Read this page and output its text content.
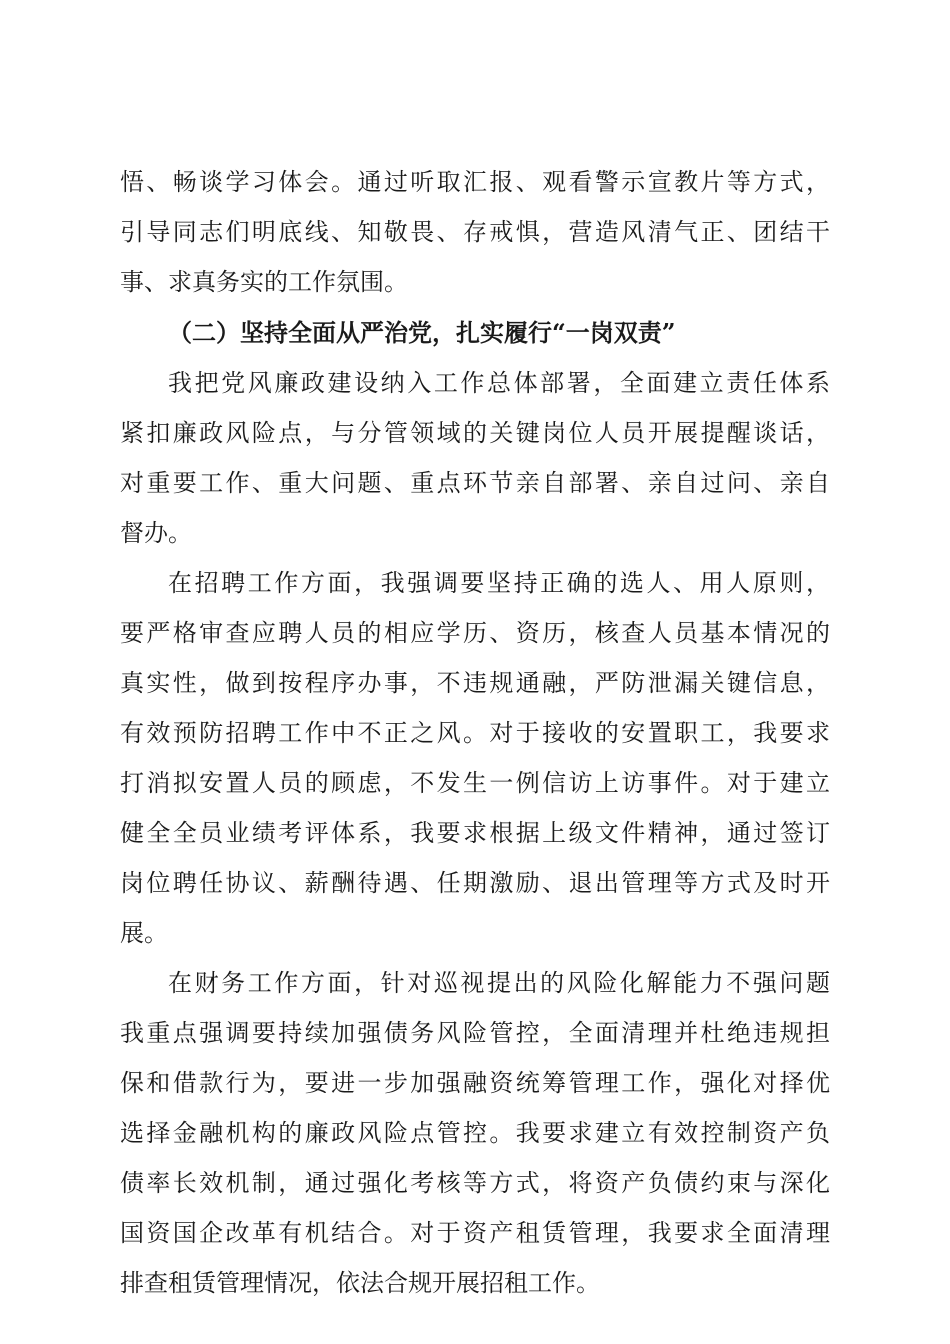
悟、畅谈学习体会。通过听取汇报、观看警示宣教片等方式，
引导同志们明底线、知敬畏、存戒惧，营造风清气正、团结干
事、求真务实的工作氛围。
（二）坚持全面从严治党，扎实履行“一岗双责”
我把党风廉政建设纳入工作总体部署，全面建立责任体系
紧扣廉政风险点，与分管领域的关键岗位人员开展提醒谈话，
对重要工作、重大问题、重点环节亲自部署、亲自过问、亲自
督办。
在招聘工作方面，我强调要坚持正确的选人、用人原则，
要严格审查应聘人员的相应学历、资历，核查人员基本情况的
真实性，做到按程序办事，不违规通融，严防泄漏关键信息，
有效预防招聘工作中不正之风。对于接收的安置职工，我要求
打消拟安置人员的顾虑，不发生一例信访上访事件。对于建立
健全全员业绩考评体系，我要求根据上级文件精神，通过签订
岗位聘任协议、薪酬待遇、任期激励、退出管理等方式及时开
展。
在财务工作方面，针对巡视提出的风险化解能力不强问题
我重点强调要持续加强债务风险管控，全面清理并杜绝违规担
保和借款行为，要进一步加强融资统筹管理工作，强化对择优
选择金融机构的廉政风险点管控。我要求建立有效控制资产负
债率长效机制，通过强化考核等方式，将资产负债约束与深化
国资国企改革有机结合。对于资产租赁管理，我要求全面清理
排查租赁管理情况，依法合规开展招租工作。
